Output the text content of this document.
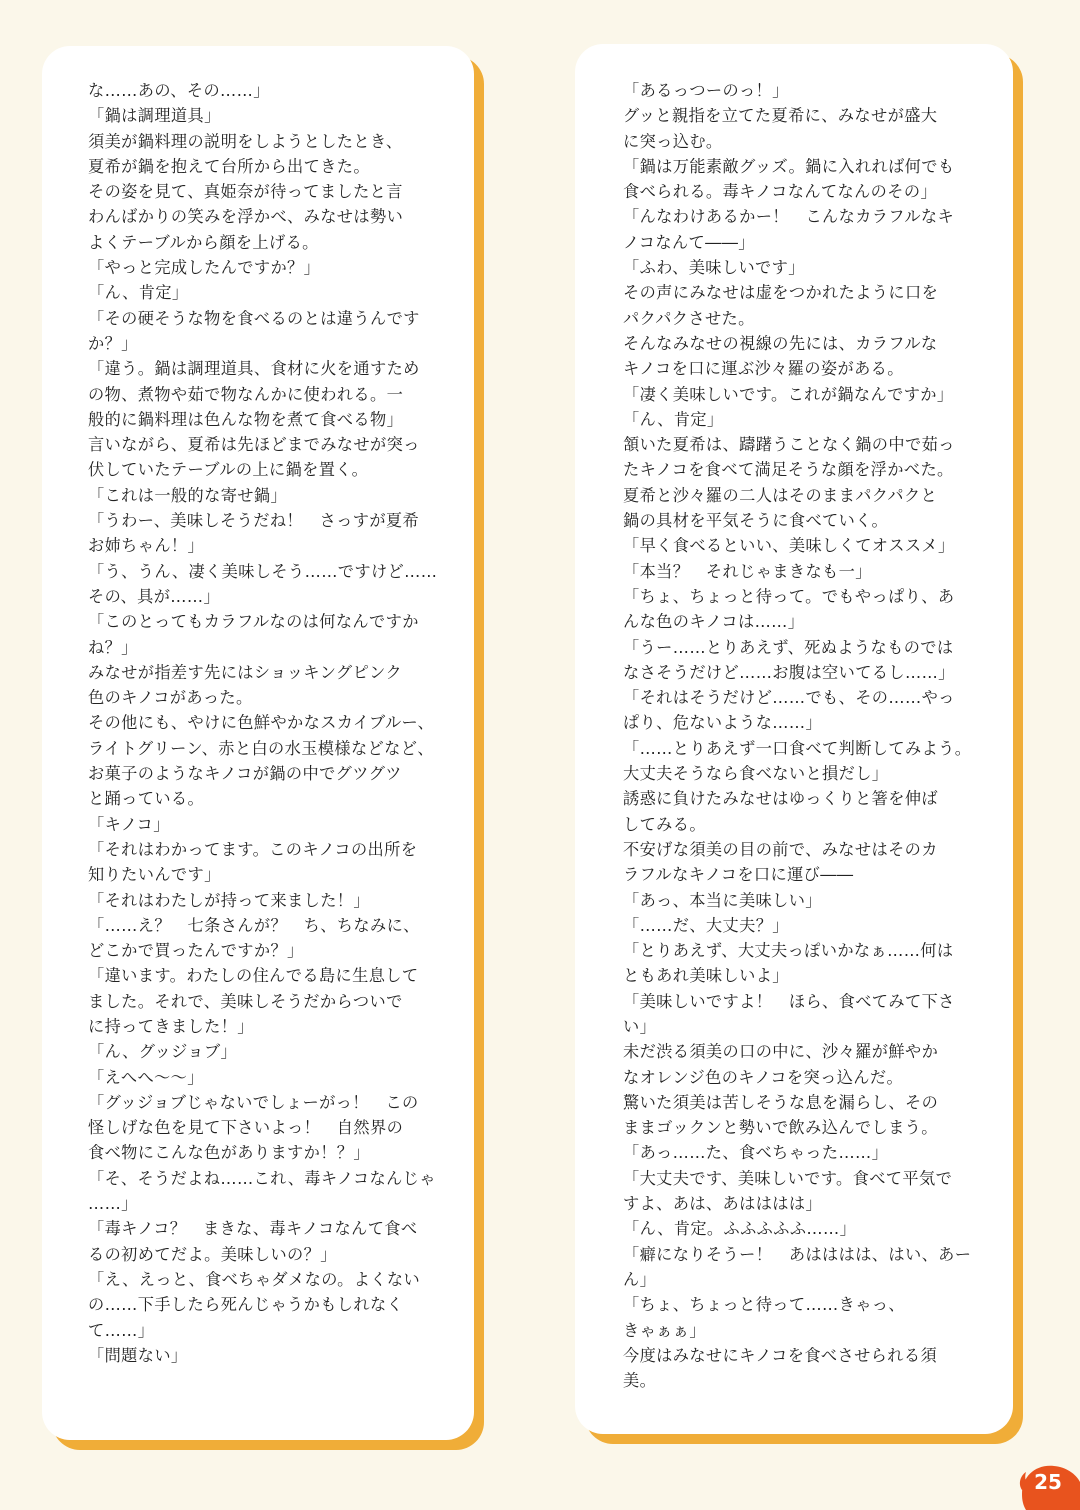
な……あの、その……」

「鍋は調理道具」

須美が鍋料理の説明をしようとしたとき、

夏希が鍋を抱えて台所から出てきた。

その姿を見て、真姫奈が待ってましたと言

わんばかりの笑みを浮かべ、みなせは勢い

よくテーブルから顔を上げる。

「やっと完成したんですか？」

「ん、肯定」

「その硬そうな物を食べるのとは違うんです

か？」

「違う。鍋は調理道具、食材に火を通すため

の物、煮物や茹で物なんかに使われる。一

般的に鍋料理は色んな物を煮て食べる物」

言いながら、夏希は先ほどまでみなせが突っ

伏していたテーブルの上に鍋を置く。

「これは一般的な寄せ鍋」

「うわー、美味しそうだね！　さっすが夏希

お姉ちゃん！」

「う、うん、凄く美味しそう……ですけど……

その、具が……」

「このとってもカラフルなのは何なんですか

ね？」

みなせが指差す先にはショッキングピンク

色のキノコがあった。

その他にも、やけに色鮮やかなスカイブルー、

ライトグリーン、赤と白の水玉模様などなど、

お菓子のようなキノコが鍋の中でグツグツ

と踊っている。

「キノコ」

「それはわかってます。このキノコの出所を

知りたいんです」

「それはわたしが持って来ました！」

「……え？　七条さんが？　ち、ちなみに、

どこかで買ったんですか？」

「違います。わたしの住んでる島に生息して

ました。それで、美味しそうだからついで

に持ってきました！」

「ん、グッジョブ」

「えへへ～～」

「グッジョブじゃないでしょーがっ！　この

怪しげな色を見て下さいよっ！　自然界の

食べ物にこんな色がありますか！？」

「そ、そうだよね……これ、毒キノコなんじゃ

……」

「毒キノコ？　まきな、毒キノコなんて食べ

るの初めてだよ。美味しいの？」

「え、えっと、食べちゃダメなの。よくない

の……下手したら死んじゃうかもしれなく

て……」

「問題ない」

「あるっつーのっ！」

グッと親指を立てた夏希に、みなせが盛大

に突っ込む。

「鍋は万能素敵グッズ。鍋に入れれば何でも

食べられる。毒キノコなんてなんのその」

「んなわけあるかー！　こんなカラフルなキ

ノコなんて――」

「ふわ、美味しいです」

その声にみなせは虚をつかれたように口を

パクパクさせた。

そんなみなせの視線の先には、カラフルな

キノコを口に運ぶ沙々羅の姿がある。

「凄く美味しいです。これが鍋なんですか」

「ん、肯定」

頷いた夏希は、躊躇うことなく鍋の中で茹っ

たキノコを食べて満足そうな顔を浮かべた。

夏希と沙々羅の二人はそのままパクパクと

鍋の具材を平気そうに食べていく。

「早く食べるといい、美味しくてオススメ」

「本当？　それじゃまきなも一」

「ちょ、ちょっと待って。でもやっぱり、あ

んな色のキノコは……」

「うー……とりあえず、死ぬようなものでは

なさそうだけど……お腹は空いてるし……」

「それはそうだけど……でも、その……やっ

ぱり、危ないような……」

「……とりあえず一口食べて判断してみよう。

大丈夫そうなら食べないと損だし」

誘惑に負けたみなせはゆっくりと箸を伸ば

してみる。

不安げな須美の目の前で、みなせはそのカ

ラフルなキノコを口に運び――

「あっ、本当に美味しい」

「……だ、大丈夫？」

「とりあえず、大丈夫っぽいかなぁ……何は

ともあれ美味しいよ」

「美味しいですよ！　ほら、食べてみて下さ

い」

未だ渋る須美の口の中に、沙々羅が鮮やか

なオレンジ色のキノコを突っ込んだ。

驚いた須美は苦しそうな息を漏らし、その

ままゴックンと勢いで飲み込んでしまう。

「あっ……た、食べちゃった……」

「大丈夫です、美味しいです。食べて平気で

すよ、あは、あはははは」

「ん、肯定。ふふふふふ……」

「癖になりそうー！　あはははは、はい、あー

ん」

「ちょ、ちょっと待って……きゃっ、

きゃぁぁ」

今度はみなせにキノコを食べさせられる須

美。

25
